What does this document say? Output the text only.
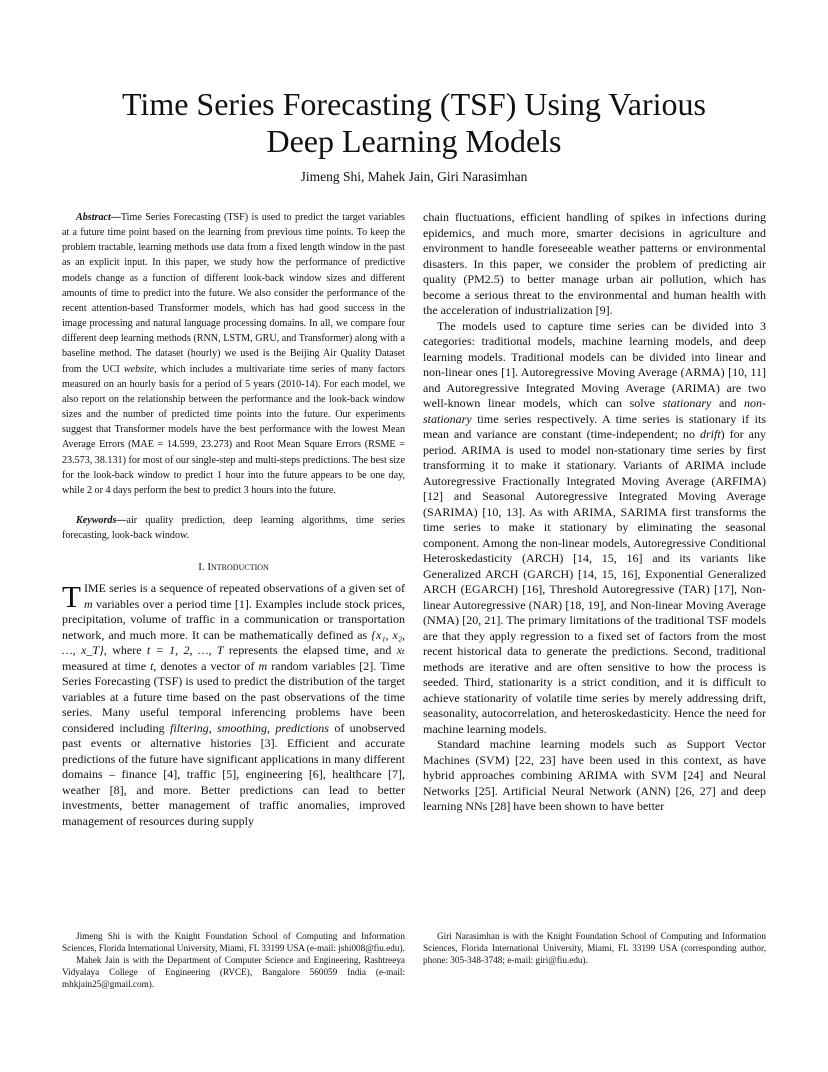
Time Series Forecasting (TSF) Using Various
Deep Learning Models

Jimeng Shi, Mahek Jain, Giri Narasimhan

Abstract—Time Series Forecasting (TSF) is used to predict the target variables at a future time point based on the learning from previous time points. To keep the problem tractable, learning methods use data from a fixed length window in the past as an explicit input. In this paper, we study how the performance of predictive models change as a function of different look-back window sizes and different amounts of time to predict into the future. We also consider the performance of the recent attention-based Transformer models, which has had good success in the image processing and natural language processing domains. In all, we compare four different deep learning methods (RNN, LSTM, GRU, and Transformer) along with a baseline method. The dataset (hourly) we used is the Beijing Air Quality Dataset from the UCI website, which includes a multivariate time series of many factors measured on an hourly basis for a period of 5 years (2010-14). For each model, we also report on the relationship between the performance and the look-back window sizes and the number of predicted time points into the future. Our experiments suggest that Transformer models have the best performance with the lowest Mean Average Errors (MAE = 14.599, 23.273) and Root Mean Square Errors (RSME = 23.573, 38.131) for most of our single-step and multi-steps predictions. The best size for the look-back window to predict 1 hour into the future appears to be one day, while 2 or 4 days perform the best to predict 3 hours into the future.

Keywords—air quality prediction, deep learning algorithms, time series forecasting, look-back window.

I. Introduction

TIME series is a sequence of repeated observations of a given set of m variables over a period time [1]. Examples include stock prices, precipitation, volume of traffic in a communication or transportation network, and much more. It can be mathematically defined as {x₁, x₂, …, x_T}, where t = 1, 2, …, T represents the elapsed time, and xₜ measured at time t, denotes a vector of m random variables [2]. Time Series Forecasting (TSF) is used to predict the distribution of the target variables at a future time based on the past observations of the time series. Many useful temporal inferencing problems have been considered including filtering, smoothing, predictions of unobserved past events or alternative histories [3]. Efficient and accurate predictions of the future have significant applications in many different domains – finance [4], traffic [5], engineering [6], healthcare [7], weather [8], and more. Better predictions can lead to better investments, better management of traffic anomalies, improved management of resources during supply

chain fluctuations, efficient handling of spikes in infections during epidemics, and much more, smarter decisions in agriculture and environment to handle foreseeable weather patterns or environmental disasters. In this paper, we consider the problem of predicting air quality (PM2.5) to better manage urban air pollution, which has become a serious threat to the environmental and human health with the acceleration of industrialization [9].

The models used to capture time series can be divided into 3 categories: traditional models, machine learning models, and deep learning models. Traditional models can be divided into linear and non-linear ones [1]. Autoregressive Moving Average (ARMA) [10, 11] and Autoregressive Integrated Moving Average (ARIMA) are two well-known linear models, which can solve stationary and non-stationary time series respectively. A time series is stationary if its mean and variance are constant (time-independent; no drift) for any period. ARIMA is used to model non-stationary time series by first transforming it to make it stationary. Variants of ARIMA include Autoregressive Fractionally Integrated Moving Average (ARFIMA) [12] and Seasonal Autoregressive Integrated Moving Average (SARIMA) [10, 13]. As with ARIMA, SARIMA first transforms the time series to make it stationary by eliminating the seasonal component. Among the non-linear models, Autoregressive Conditional Heteroskedasticity (ARCH) [14, 15, 16] and its variants like Generalized ARCH (GARCH) [14, 15, 16], Exponential Generalized ARCH (EGARCH) [16], Threshold Autoregressive (TAR) [17], Non-linear Autoregressive (NAR) [18, 19], and Non-linear Moving Average (NMA) [20, 21]. The primary limitations of the traditional TSF models are that they apply regression to a fixed set of factors from the most recent historical data to generate the predictions. Second, traditional methods are iterative and are often sensitive to how the process is seeded. Third, stationarity is a strict condition, and it is difficult to achieve stationarity of volatile time series by merely addressing drift, seasonality, autocorrelation, and heteroskedasticity. Hence the need for machine learning models.

Standard machine learning models such as Support Vector Machines (SVM) [22, 23] have been used in this context, as have hybrid approaches combining ARIMA with SVM [24] and Neural Networks [25]. Artificial Neural Network (ANN) [26, 27] and deep learning NNs [28] have been shown to have better

Jimeng Shi is with the Knight Foundation School of Computing and Information Sciences, Florida International University, Miami, FL 33199 USA (e-mail: jshi008@fiu.edu).

Mahek Jain is with the Department of Computer Science and Engineering, Rashtreeya Vidyalaya College of Engineering (RVCE), Bangalore 560059 India (e-mail: mhkjain25@gmail.com).

Giri Narasimhan is with the Knight Foundation School of Computing and Information Sciences, Florida International University, Miami, FL 33199 USA (corresponding author, phone: 305-348-3748; e-mail: giri@fiu.edu).
